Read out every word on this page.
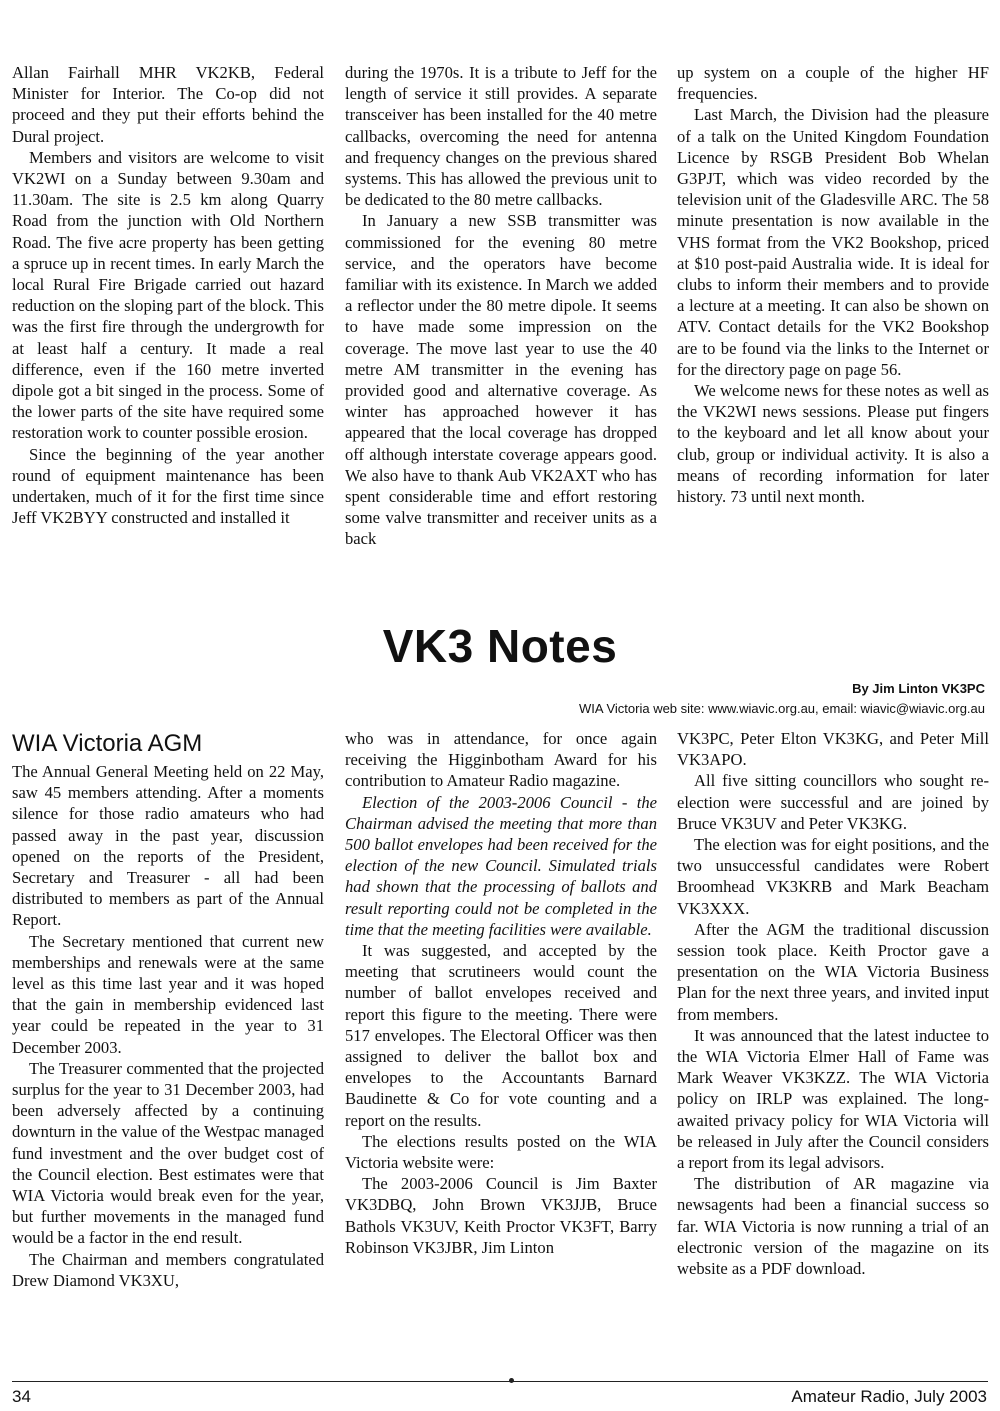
Allan Fairhall MHR VK2KB, Federal Minister for Interior. The Co-op did not proceed and they put their efforts behind the Dural project.

Members and visitors are welcome to visit VK2WI on a Sunday between 9.30am and 11.30am. The site is 2.5 km along Quarry Road from the junction with Old Northern Road. The five acre property has been getting a spruce up in recent times. In early March the local Rural Fire Brigade carried out hazard reduction on the sloping part of the block. This was the first fire through the undergrowth for at least half a century. It made a real difference, even if the 160 metre inverted dipole got a bit singed in the process. Some of the lower parts of the site have required some restoration work to counter possible erosion.

Since the beginning of the year another round of equipment maintenance has been undertaken, much of it for the first time since Jeff VK2BYY constructed and installed it

during the 1970s. It is a tribute to Jeff for the length of service it still provides. A separate transceiver has been installed for the 40 metre callbacks, overcoming the need for antenna and frequency changes on the previous shared systems. This has allowed the previous unit to be dedicated to the 80 metre callbacks.

In January a new SSB transmitter was commissioned for the evening 80 metre service, and the operators have become familiar with its existence. In March we added a reflector under the 80 metre dipole. It seems to have made some impression on the coverage. The move last year to use the 40 metre AM transmitter in the evening has provided good and alternative coverage. As winter has approached however it has appeared that the local coverage has dropped off although interstate coverage appears good. We also have to thank Aub VK2AXT who has spent considerable time and effort restoring some valve transmitter and receiver units as a back

up system on a couple of the higher HF frequencies.

Last March, the Division had the pleasure of a talk on the United Kingdom Foundation Licence by RSGB President Bob Whelan G3PJT, which was video recorded by the television unit of the Gladesville ARC. The 58 minute presentation is now available in the VHS format from the VK2 Bookshop, priced at $10 post-paid Australia wide. It is ideal for clubs to inform their members and to provide a lecture at a meeting. It can also be shown on ATV. Contact details for the VK2 Bookshop are to be found via the links to the Internet or for the directory page on page 56.

We welcome news for these notes as well as the VK2WI news sessions. Please put fingers to the keyboard and let all know about your club, group or individual activity. It is also a means of recording information for later history. 73 until next month.

VK3 Notes
By Jim Linton VK3PC
WIA Victoria web site: www.wiavic.org.au, email: wiavic@wiavic.org.au
WIA Victoria AGM

The Annual General Meeting held on 22 May, saw 45 members attending. After a moments silence for those radio amateurs who had passed away in the past year, discussion opened on the reports of the President, Secretary and Treasurer - all had been distributed to members as part of the Annual Report.

The Secretary mentioned that current new memberships and renewals were at the same level as this time last year and it was hoped that the gain in membership evidenced last year could be repeated in the year to 31 December 2003.

The Treasurer commented that the projected surplus for the year to 31 December 2003, had been adversely affected by a continuing downturn in the value of the Westpac managed fund investment and the over budget cost of the Council election. Best estimates were that WIA Victoria would break even for the year, but further movements in the managed fund would be a factor in the end result.

The Chairman and members congratulated Drew Diamond VK3XU,

who was in attendance, for once again receiving the Higginbotham Award for his contribution to Amateur Radio magazine.

Election of the 2003-2006 Council - the Chairman advised the meeting that more than 500 ballot envelopes had been received for the election of the new Council. Simulated trials had shown that the processing of ballots and result reporting could not be completed in the time that the meeting facilities were available.

It was suggested, and accepted by the meeting that scrutineers would count the number of ballot envelopes received and report this figure to the meeting. There were 517 envelopes. The Electoral Officer was then assigned to deliver the ballot box and envelopes to the Accountants Barnard Baudinette & Co for vote counting and a report on the results.

The elections results posted on the WIA Victoria website were:

The 2003-2006 Council is Jim Baxter VK3DBQ, John Brown VK3JJB, Bruce Bathols VK3UV, Keith Proctor VK3FT, Barry Robinson VK3JBR, Jim Linton

VK3PC, Peter Elton VK3KG, and Peter Mill VK3APO.

All five sitting councillors who sought re-election were successful and are joined by Bruce VK3UV and Peter VK3KG.

The election was for eight positions, and the two unsuccessful candidates were Robert Broomhead VK3KRB and Mark Beacham VK3XXX.

After the AGM the traditional discussion session took place. Keith Proctor gave a presentation on the WIA Victoria Business Plan for the next three years, and invited input from members.

It was announced that the latest inductee to the WIA Victoria Elmer Hall of Fame was Mark Weaver VK3KZZ. The WIA Victoria policy on IRLP was explained. The long-awaited privacy policy for WIA Victoria will be released in July after the Council considers a report from its legal advisors.

The distribution of AR magazine via newsagents had been a financial success so far. WIA Victoria is now running a trial of an electronic version of the magazine on its website as a PDF download.

34	Amateur Radio, July 2003
